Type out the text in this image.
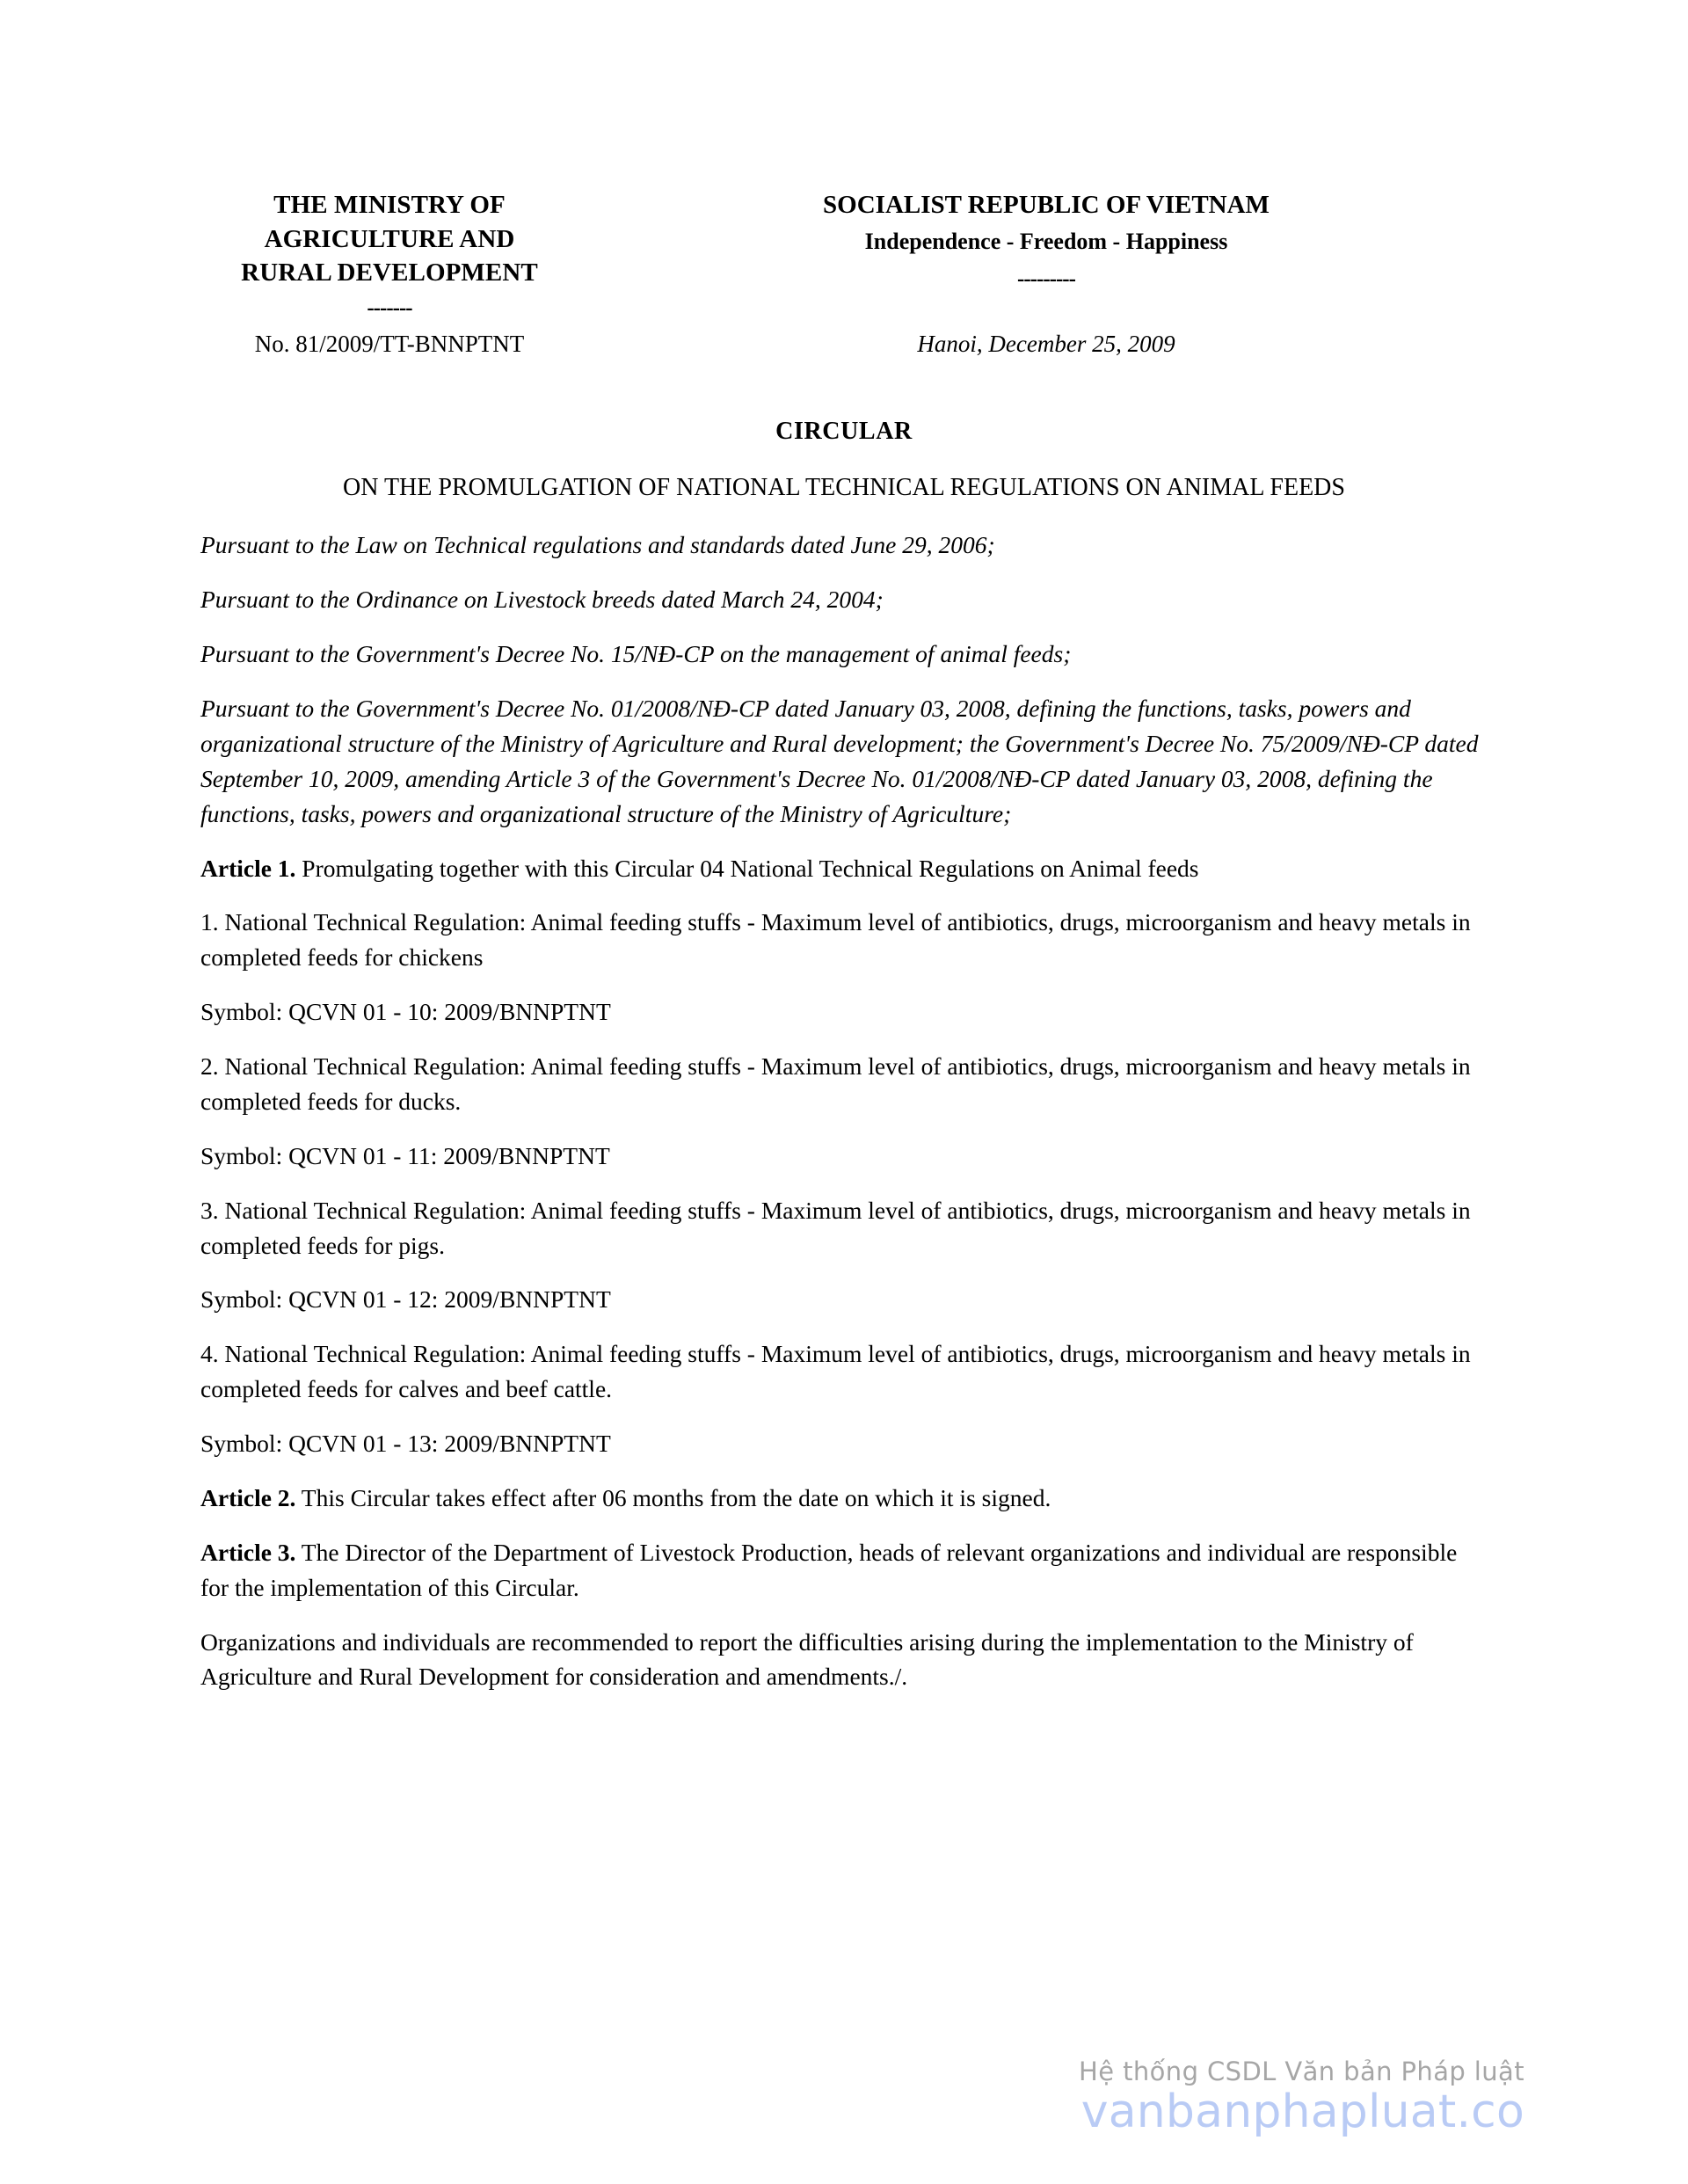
THE MINISTRY OF
AGRICULTURE AND
RURAL DEVELOPMENT
-------
SOCIALIST REPUBLIC OF VIETNAM
Independence - Freedom - Happiness
---------
No. 81/2009/TT-BNNPTNT	Hanoi, December 25, 2009
CIRCULAR
ON THE PROMULGATION OF NATIONAL TECHNICAL REGULATIONS ON ANIMAL FEEDS

Pursuant to the Law on Technical regulations and standards dated June 29, 2006;

Pursuant to the Ordinance on Livestock breeds dated March 24, 2004;

Pursuant to the Government's Decree No. 15/NĐ-CP on the management of animal feeds;

Pursuant to the Government's Decree No. 01/2008/NĐ-CP dated January 03, 2008, defining the functions, tasks, powers and organizational structure of the Ministry of Agriculture and Rural development; the Government's Decree No. 75/2009/NĐ-CP dated September 10, 2009, amending Article 3 of the Government's Decree No. 01/2008/NĐ-CP dated January 03, 2008, defining the functions, tasks, powers and organizational structure of the Ministry of Agriculture;

Article 1. Promulgating together with this Circular 04 National Technical Regulations on Animal feeds

1. National Technical Regulation: Animal feeding stuffs - Maximum level of antibiotics, drugs, microorganism and heavy metals in completed feeds for chickens

Symbol: QCVN 01 - 10: 2009/BNNPTNT

2. National Technical Regulation: Animal feeding stuffs - Maximum level of antibiotics, drugs, microorganism and heavy metals in completed feeds for ducks.

Symbol: QCVN 01 - 11: 2009/BNNPTNT

3. National Technical Regulation: Animal feeding stuffs - Maximum level of antibiotics, drugs, microorganism and heavy metals in completed feeds for pigs.

Symbol: QCVN 01 - 12: 2009/BNNPTNT

4. National Technical Regulation: Animal feeding stuffs - Maximum level of antibiotics, drugs, microorganism and heavy metals in completed feeds for calves and beef cattle.

Symbol: QCVN 01 - 13: 2009/BNNPTNT

Article 2. This Circular takes effect after 06 months from the date on which it is signed.

Article 3. The Director of the Department of Livestock Production, heads of relevant organizations and individual are responsible for the implementation of this Circular.

Organizations and individuals are recommended to report the difficulties arising during the implementation to the Ministry of Agriculture and Rural Development for consideration and amendments./.

Hệ thống CSDL Văn bản Pháp luật
vanbanphapluat.co
